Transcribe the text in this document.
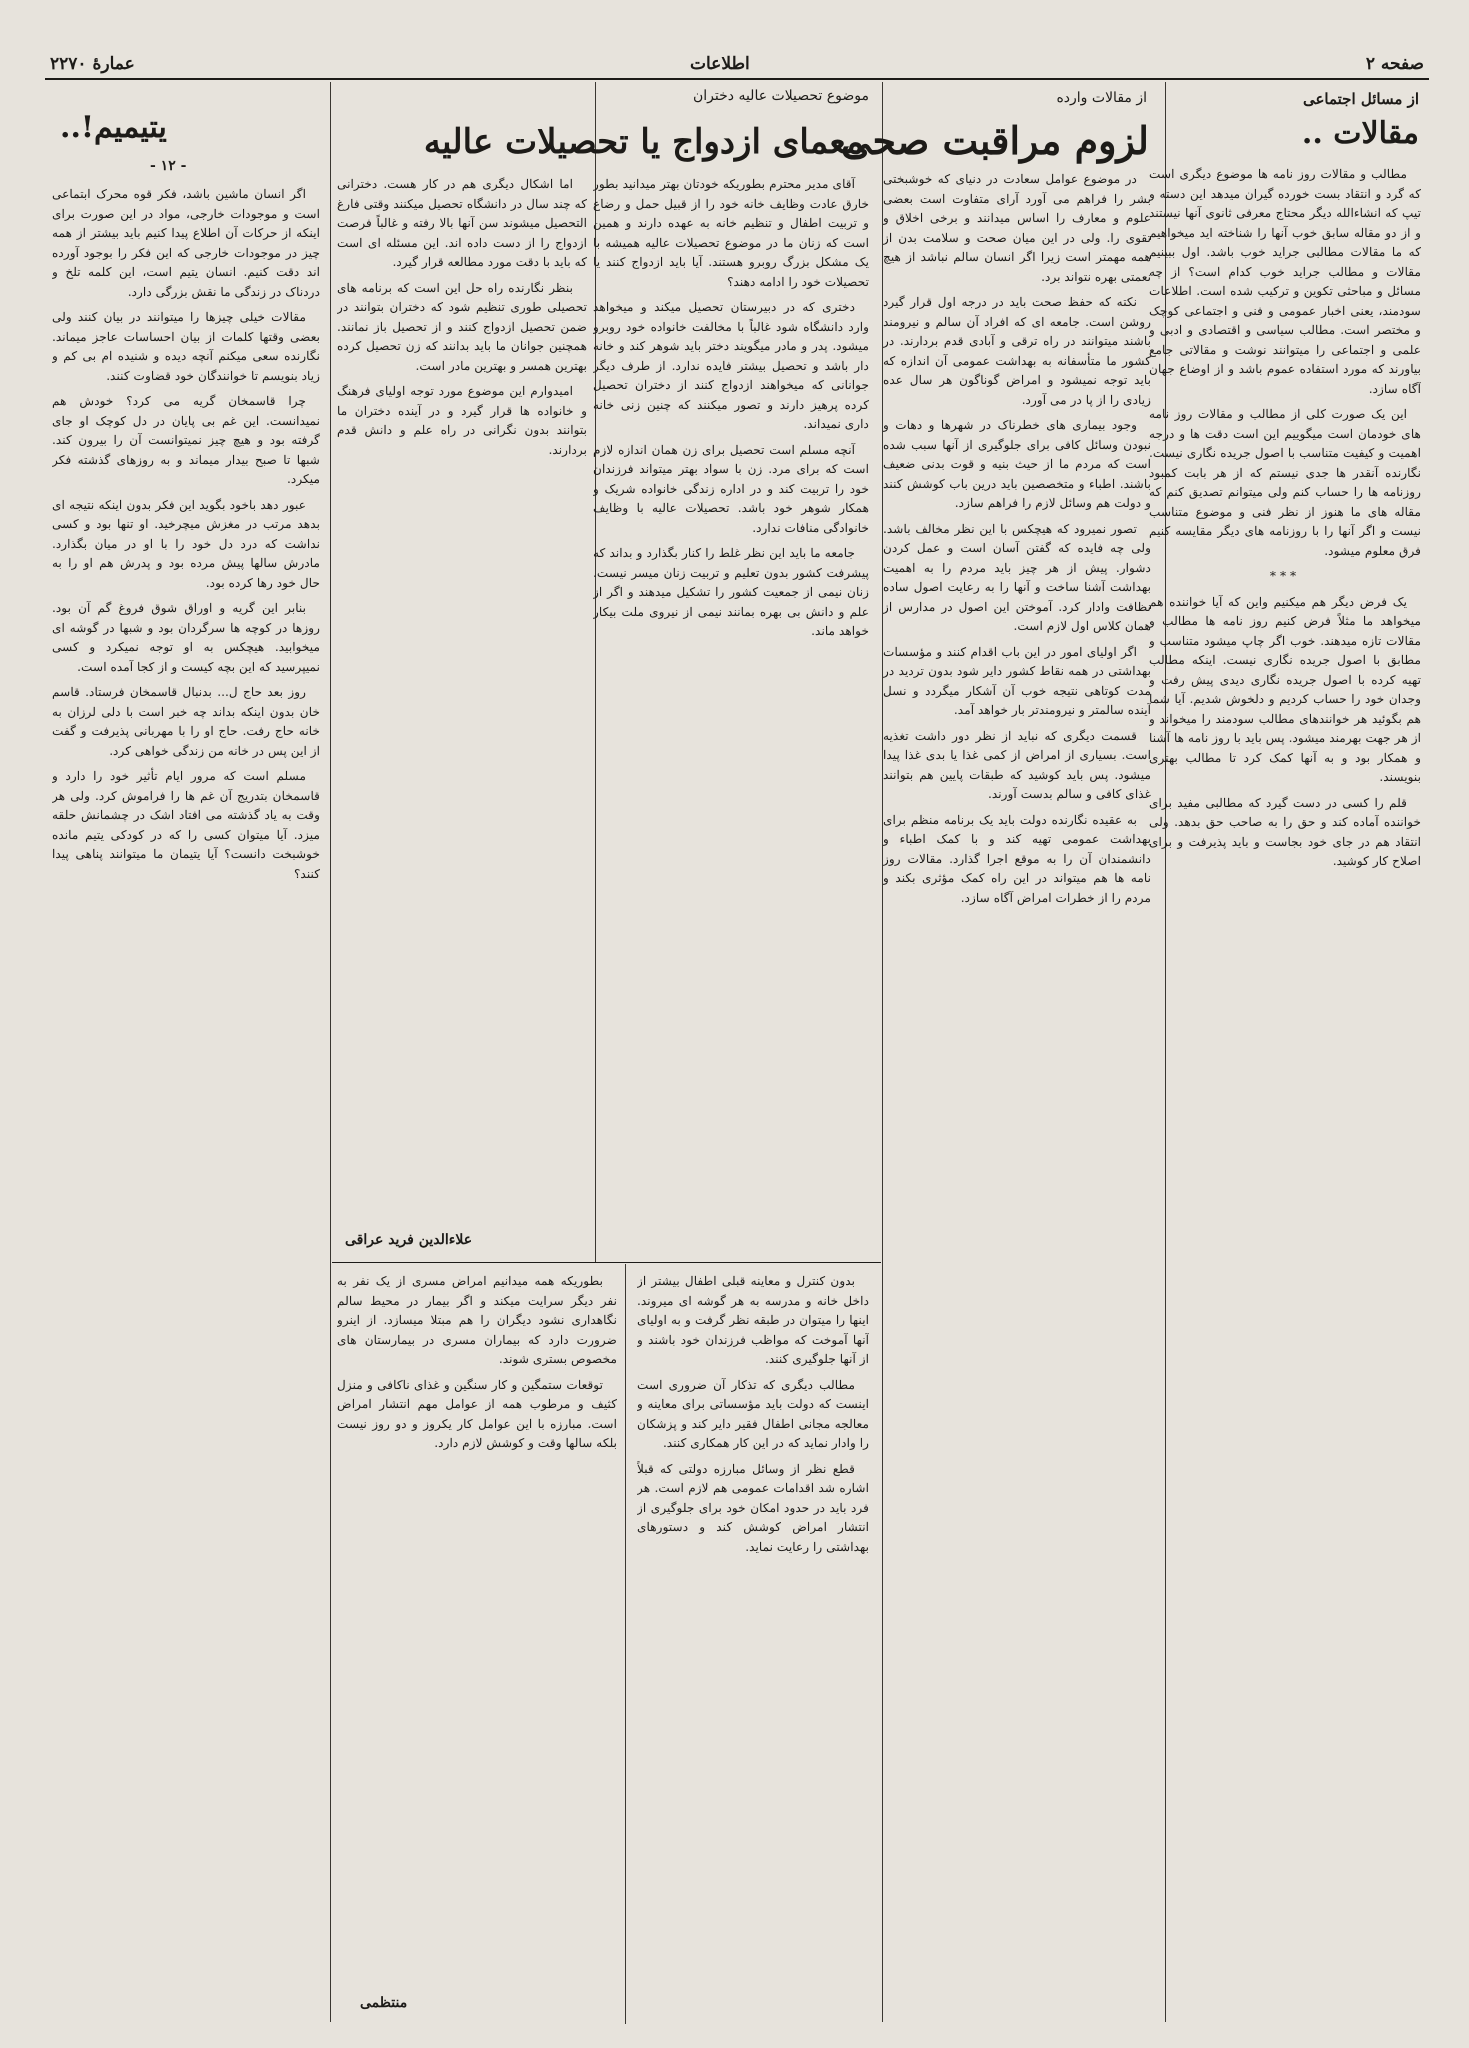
صفحه ۲
اطلاعات
عمارهٔ ۲۲۷۰
از مسائل اجتماعی
مقالات ..

مطالب و مقالات روز نامه ها موضوع دیگری است که گرد و انتقاد بست خورده گیران میدهد این دسته و تیپ که انشاءالله دیگر محتاج معرفی ثانوی آنها نیستند و از دو مقاله سابق خوب آنها را شناخته اید میخواهیم که ما مقالات مطالبی جراید خوب باشد. اول ببینیم مقالات و مطالب جراید خوب کدام است؟ از چه مسائل و مباحثی تکوین و ترکیب شده است. اطلاعات سودمند، یعنی اخبار عمومی و فنی و اجتماعی کوچک و مختصر است. مطالب سیاسی و اقتصادی و ادبی و علمی و اجتماعی را میتوانند نوشت و مقالاتی جامع بیاورند که مورد استفاده عموم باشد و از اوضاع جهان آگاه سازد.

این یک صورت کلی از مطالب و مقالات روز نامه های خودمان است میگوییم این است دقت ها و درجه اهمیت و کیفیت متناسب با اصول جریده نگاری نیست. نگارنده آنقدر ها جدی نیستم که از هر بابت کمبود روزنامه ها را حساب کنم ولی میتوانم تصدیق کنم که مقاله های ما هنوز از نظر فنی و موضوع متناسب نیست و اگر آنها را با روزنامه های دیگر مقایسه کنیم فرق معلوم میشود.

***

یک فرض دیگر هم میکنیم واین که آیا خواننده هم میخواهد ما مثلاً فرض کنیم روز نامه ها مطالب و مقالات تازه میدهند. خوب اگر چاپ میشود متناسب و مطابق با اصول جریده نگاری نیست. اینکه مطالب تهیه کرده با اصول جریده نگاری دیدی پیش رفت و وجدان خود را حساب کردیم و دلخوش شدیم. آیا شما هم بگوئید هر خوانندهای مطالب سودمند را میخواند و از هر جهت بهرمند میشود. پس باید با روز نامه ها آشنا و همکار بود و به آنها کمک کرد تا مطالب بهتری بنویسند.

قلم را کسی در دست گیرد که مطالبی مفید برای خواننده آماده کند و حق را به صاحب حق بدهد. ولی انتقاد هم در جای خود بجاست و باید پذیرفت و برای اصلاح کار کوشید.

از مقالات وارده
لزوم مراقبت صحی

در موضوع عوامل سعادت در دنیای که خوشبختی بشر را فراهم می آورد آرای متفاوت است بعضی علوم و معارف را اساس میدانند و برخی اخلاق و تقوی را. ولی در این میان صحت و سلامت بدن از همه مهمتر است زیرا اگر انسان سالم نباشد از هیچ نعمتی بهره نتواند برد.

نکته که حفظ صحت باید در درجه اول قرار گیرد روشن است. جامعه ای که افراد آن سالم و نیرومند باشند میتوانند در راه ترقی و آبادی قدم بردارند. در کشور ما متأسفانه به بهداشت عمومی آن اندازه که باید توجه نمیشود و امراض گوناگون هر سال عده زیادی را از پا در می آورد.

وجود بیماری های خطرناک در شهرها و دهات و نبودن وسائل کافی برای جلوگیری از آنها سبب شده است که مردم ما از حیث بنیه و قوت بدنی ضعیف باشند. اطباء و متخصصین باید درین باب کوشش کنند و دولت هم وسائل لازم را فراهم سازد.

تصور نمیرود که هیچکس با این نظر مخالف باشد. ولی چه فایده که گفتن آسان است و عمل کردن دشوار. پیش از هر چیز باید مردم را به اهمیت بهداشت آشنا ساخت و آنها را به رعایت اصول ساده نظافت وادار کرد. آموختن این اصول در مدارس از همان کلاس اول لازم است.

اگر اولیای امور در این باب اقدام کنند و مؤسسات بهداشتی در همه نقاط کشور دایر شود بدون تردید در مدت کوتاهی نتیجه خوب آن آشکار میگردد و نسل آینده سالمتر و نیرومندتر بار خواهد آمد.

قسمت دیگری که نباید از نظر دور داشت تغذیه است. بسیاری از امراض از کمی غذا یا بدی غذا پیدا میشود. پس باید کوشید که طبقات پایین هم بتوانند غذای کافی و سالم بدست آورند.

به عقیده نگارنده دولت باید یک برنامه منظم برای بهداشت عمومی تهیه کند و با کمک اطباء و دانشمندان آن را به موقع اجرا گذارد. مقالات روز نامه ها هم میتواند در این راه کمک مؤثری بکند و مردم را از خطرات امراض آگاه سازد.

موضوع تحصیلات عالیه دختران
معمای ازدواج یا تحصیلات عالیه

آقای مدیر محترم بطوریکه خودتان بهتر میدانید بطور خارق عادت وظایف خانه خود را از قبیل حمل و رضاع و تربیت اطفال و تنظیم خانه به عهده دارند و همین است که زنان ما در موضوع تحصیلات عالیه همیشه با یک مشکل بزرگ روبرو هستند. آیا باید ازدواج کنند یا تحصیلات خود را ادامه دهند؟

دختری که در دبیرستان تحصیل میکند و میخواهد وارد دانشگاه شود غالباً با مخالفت خانواده خود روبرو میشود. پدر و مادر میگویند دختر باید شوهر کند و خانه دار باشد و تحصیل بیشتر فایده ندارد. از طرف دیگر جوانانی که میخواهند ازدواج کنند از دختران تحصیل کرده پرهیز دارند و تصور میکنند که چنین زنی خانه داری نمیداند.

آنچه مسلم است تحصیل برای زن همان اندازه لازم است که برای مرد. زن با سواد بهتر میتواند فرزندان خود را تربیت کند و در اداره زندگی خانواده شریک و همکار شوهر خود باشد. تحصیلات عالیه با وظایف خانوادگی منافات ندارد.

جامعه ما باید این نظر غلط را کنار بگذارد و بداند که پیشرفت کشور بدون تعلیم و تربیت زنان میسر نیست. زنان نیمی از جمعیت کشور را تشکیل میدهند و اگر از علم و دانش بی بهره بمانند نیمی از نیروی ملت بیکار خواهد ماند.

اما اشکال دیگری هم در کار هست. دخترانی که چند سال در دانشگاه تحصیل میکنند وقتی فارغ التحصیل میشوند سن آنها بالا رفته و غالباً فرصت ازدواج را از دست داده اند. این مسئله ای است که باید با دقت مورد مطالعه قرار گیرد.

بنظر نگارنده راه حل این است که برنامه های تحصیلی طوری تنظیم شود که دختران بتوانند در ضمن تحصیل ازدواج کنند و از تحصیل باز نمانند. همچنین جوانان ما باید بدانند که زن تحصیل کرده بهترین همسر و بهترین مادر است.

امیدوارم این موضوع مورد توجه اولیای فرهنگ و خانواده ها قرار گیرد و در آینده دختران ما بتوانند بدون نگرانی در راه علم و دانش قدم بردارند.

علاءالدین فرید عراقی

بدون کنترل و معاینه قبلی اطفال بیشتر از داخل خانه و مدرسه به هر گوشه ای میروند. اینها را میتوان در طبقه نظر گرفت و به اولیای آنها آموخت که مواظب فرزندان خود باشند و از آنها جلوگیری کنند.

مطالب دیگری که تذکار آن ضروری است اینست که دولت باید مؤسساتی برای معاینه و معالجه مجانی اطفال فقیر دایر کند و پزشکان را وادار نماید که در این کار همکاری کنند.

قطع نظر از وسائل مبارزه دولتی که قبلاً اشاره شد اقدامات عمومی هم لازم است. هر فرد باید در حدود امکان خود برای جلوگیری از انتشار امراض کوشش کند و دستورهای بهداشتی را رعایت نماید.

بطوریکه همه میدانیم امراض مسری از یک نفر به نفر دیگر سرایت میکند و اگر بیمار در محیط سالم نگاهداری نشود دیگران را هم مبتلا میسازد. از اینرو ضرورت دارد که بیماران مسری در بیمارستان های مخصوص بستری شوند.

توقعات ستمگین و کار سنگین و غذای ناکافی و منزل کثیف و مرطوب همه از عوامل مهم انتشار امراض است. مبارزه با این عوامل کار یکروز و دو روز نیست بلکه سالها وقت و کوشش لازم دارد.

منتظمی
یتیمیم!..
- ۱۲ -

اگر انسان ماشین باشد، فکر قوه محرک ابتماعی است و موجودات خارجی، مواد در این صورت برای اینکه از حرکات آن اطلاع پیدا کنیم باید بیشتر از همه چیز در موجودات خارجی که این فکر را بوجود آورده اند دقت کنیم. انسان یتیم است، این کلمه تلخ و دردناک در زندگی ما نقش بزرگی دارد.

مقالات خیلی چیزها را میتوانند در بیان کنند ولی بعضی وقتها کلمات از بیان احساسات عاجز میماند. نگارنده سعی میکنم آنچه دیده و شنیده ام بی کم و زیاد بنویسم تا خوانندگان خود قضاوت کنند.

چرا قاسمخان گریه می کرد؟ خودش هم نمیدانست. این غم بی پایان در دل کوچک او جای گرفته بود و هیچ چیز نمیتوانست آن را بیرون کند. شبها تا صبح بیدار میماند و به روزهای گذشته فکر میکرد.

عبور دهد باخود بگوید این فکر بدون اینکه نتیجه ای بدهد مرتب در مغزش میچرخید. او تنها بود و کسی نداشت که درد دل خود را با او در میان بگذارد. مادرش سالها پیش مرده بود و پدرش هم او را به حال خود رها کرده بود.

بنابر این گریه و اوراق شوق فروغ گم آن بود. روزها در کوچه ها سرگردان بود و شبها در گوشه ای میخوابید. هیچکس به او توجه نمیکرد و کسی نمیپرسید که این بچه کیست و از کجا آمده است.

روز بعد حاج ل... بدنبال قاسمخان فرستاد. قاسم خان بدون اینکه بداند چه خبر است با دلی لرزان به خانه حاج رفت. حاج او را با مهربانی پذیرفت و گفت از این پس در خانه من زندگی خواهی کرد.

مسلم است که مرور ایام تأثیر خود را دارد و قاسمخان بتدریج آن غم ها را فراموش کرد. ولی هر وقت به یاد گذشته می افتاد اشک در چشمانش حلقه میزد. آیا میتوان کسی را که در کودکی یتیم مانده خوشبخت دانست؟ آیا یتیمان ما میتوانند پناهی پیدا کنند؟
